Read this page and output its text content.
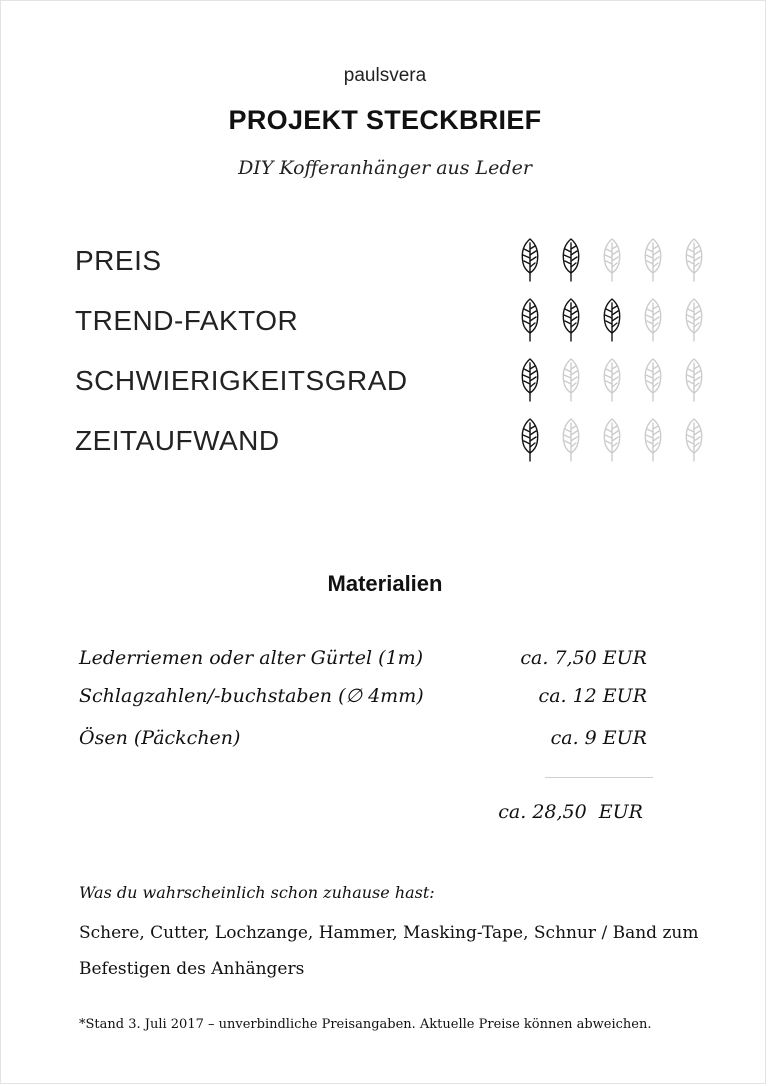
paulsvera
PROJEKT STECKBRIEF
DIY Kofferanhänger aus Leder
PREIS
TREND-FAKTOR
SCHWIERIGKEITSGRAD
ZEITAUFWAND
Materialien
Lederriemen oder alter Gürtel (1m)	ca. 7,50 EUR
Schlagzahlen/-buchstaben (∅ 4mm)	ca. 12 EUR
Ösen (Päckchen)	ca. 9 EUR
ca. 28,50  EUR
Was du wahrscheinlich schon zuhause hast:
Schere, Cutter, Lochzange, Hammer, Masking-Tape, Schnur / Band zum Befestigen des Anhängers
*Stand 3. Juli 2017 – unverbindliche Preisangaben. Aktuelle Preise können abweichen.
